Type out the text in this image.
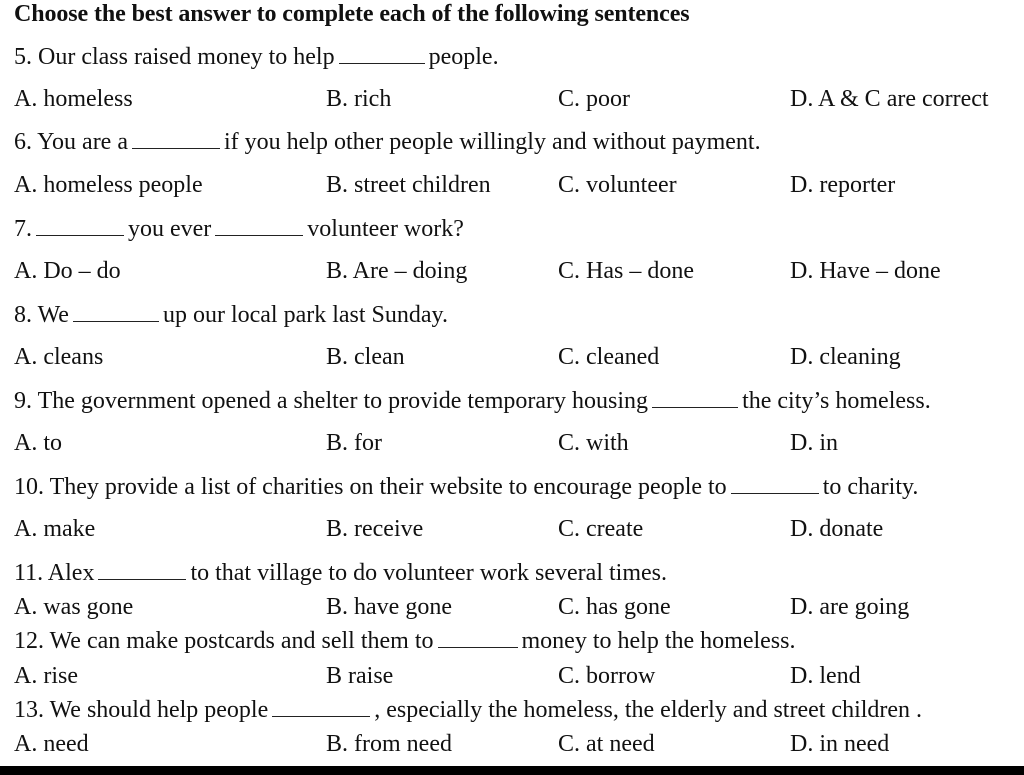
Choose the best answer to complete each of the following sentences
5. Our class raised money to help	people.
A. homeless	B. rich	C. poor	D. A & C are correct
6. You are a	if you help other people willingly and without payment.
A. homeless people	B. street children	C. volunteer	D. reporter
7.	you ever	volunteer work?
A. Do – do	B. Are – doing	C. Has – done	D. Have – done
8. We	up our local park last Sunday.
A. cleans	B. clean	C. cleaned	D. cleaning
9. The government opened a shelter to provide temporary housing	the city’s homeless.
A. to	B. for	C. with	D. in
10. They provide a list of charities on their website to encourage people to	to charity.
A. make	B. receive	C. create	D. donate
11. Alex	to that village to do volunteer work several times.
A. was gone	B. have gone	C. has gone	D. are going
12. We can make postcards and sell them to	money to help the homeless.
A. rise	B raise	C. borrow	D. lend
13. We should help people	, especially the homeless, the elderly and street children .
A. need	B. from need	C. at need	D. in need
